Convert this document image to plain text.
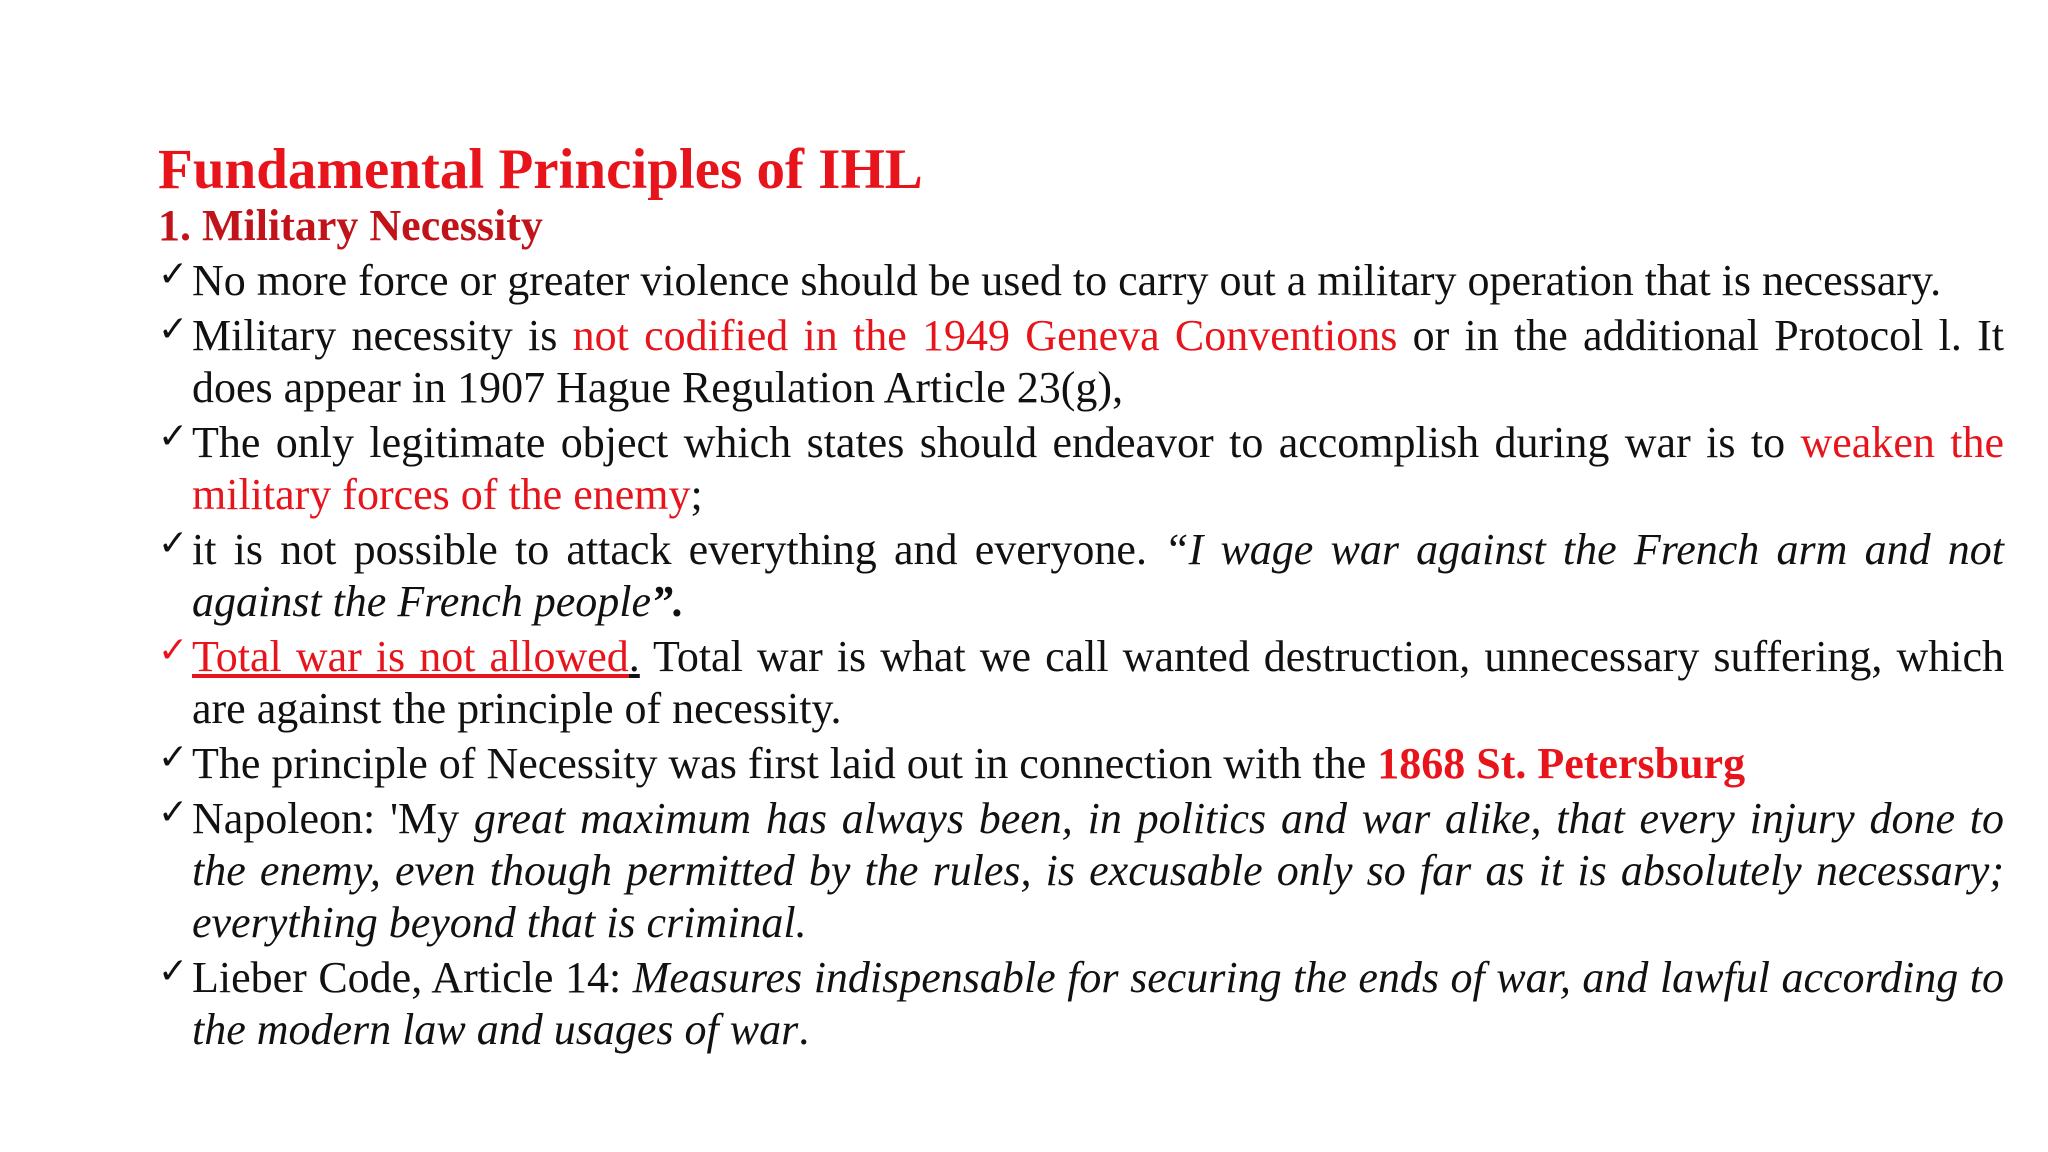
Fundamental Principles of IHL
1. Military Necessity
✓ No more force or greater violence should be used to carry out a military operation that is necessary.
✓ Military necessity is not codified in the 1949 Geneva Conventions or in the additional Protocol l. It does appear in 1907 Hague Regulation Article 23(g),
✓ The only legitimate object which states should endeavor to accomplish during war is to weaken the military forces of the enemy;
✓ it is not possible to attack everything and everyone. “I wage war against the French arm and not against the French people”.
✓ Total war is not allowed. Total war is what we call wanted destruction, unnecessary suffering, which are against the principle of necessity.
✓ The principle of Necessity was first laid out in connection with the 1868 St. Petersburg
✓ Napoleon: 'My great maximum has always been, in politics and war alike, that every injury done to the enemy, even though permitted by the rules, is excusable only so far as it is absolutely necessary; everything beyond that is criminal.
✓ Lieber Code, Article 14: Measures indispensable for securing the ends of war, and lawful according to the modern law and usages of war.
